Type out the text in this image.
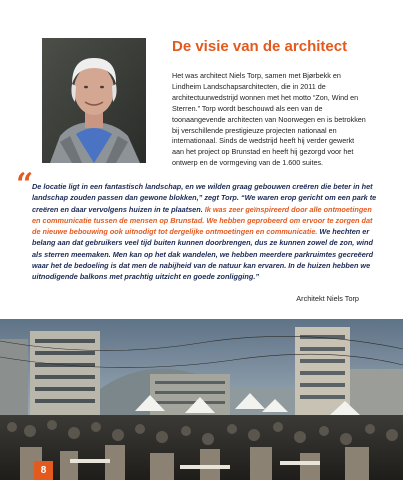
De visie van de architect
Het was architect Niels Torp, samen met Bjørbekk en Lindheim Landschapsarchitecten, die in 2011 de architectuurwedstrijd wonnen met het motto “Zon, Wind en Sterren.” Torp wordt beschouwd als een van de toonaangevende architecten van Noorwegen en is betrokken bij verschillende prestigieuze projecten nationaal en internationaal. Sinds de wedstrijd heeft hij verder gewerkt aan het project op Brunstad en heeft hij gezorgd voor het ontwerp en de vormgeving van de 1.600 suites.
“
De locatie ligt in een fantastisch landschap, en we wilden graag gebouwen creëren die beter in het landschap zouden passen dan gewone blokken,” zegt Torp. “We waren erop gericht om een park te creëren en daar vervolgens huizen in te plaatsen. Ik was zeer geïnspireerd door alle ontmoetingen en communicatie tussen de mensen op Brunstad. We hebben geprobeerd om ervoor te zorgen dat de nieuwe bebouwing ook uitnodigt tot dergelijke ontmoetingen en communicatie. We hechten er belang aan dat gebruikers veel tijd buiten kunnen doorbrengen, dus ze kunnen zowel de zon, wind als sterren meemaken. Men kan op het dak wandelen, we hebben meerdere parkruimtes gecreëerd waar het de bedoeling is dat men de nabijheid van de natuur kan ervaren. In de huizen hebben we uitnodigende balkons met prachtig uitzicht en goede zonligging.”
Architekt Niels Torp
8
